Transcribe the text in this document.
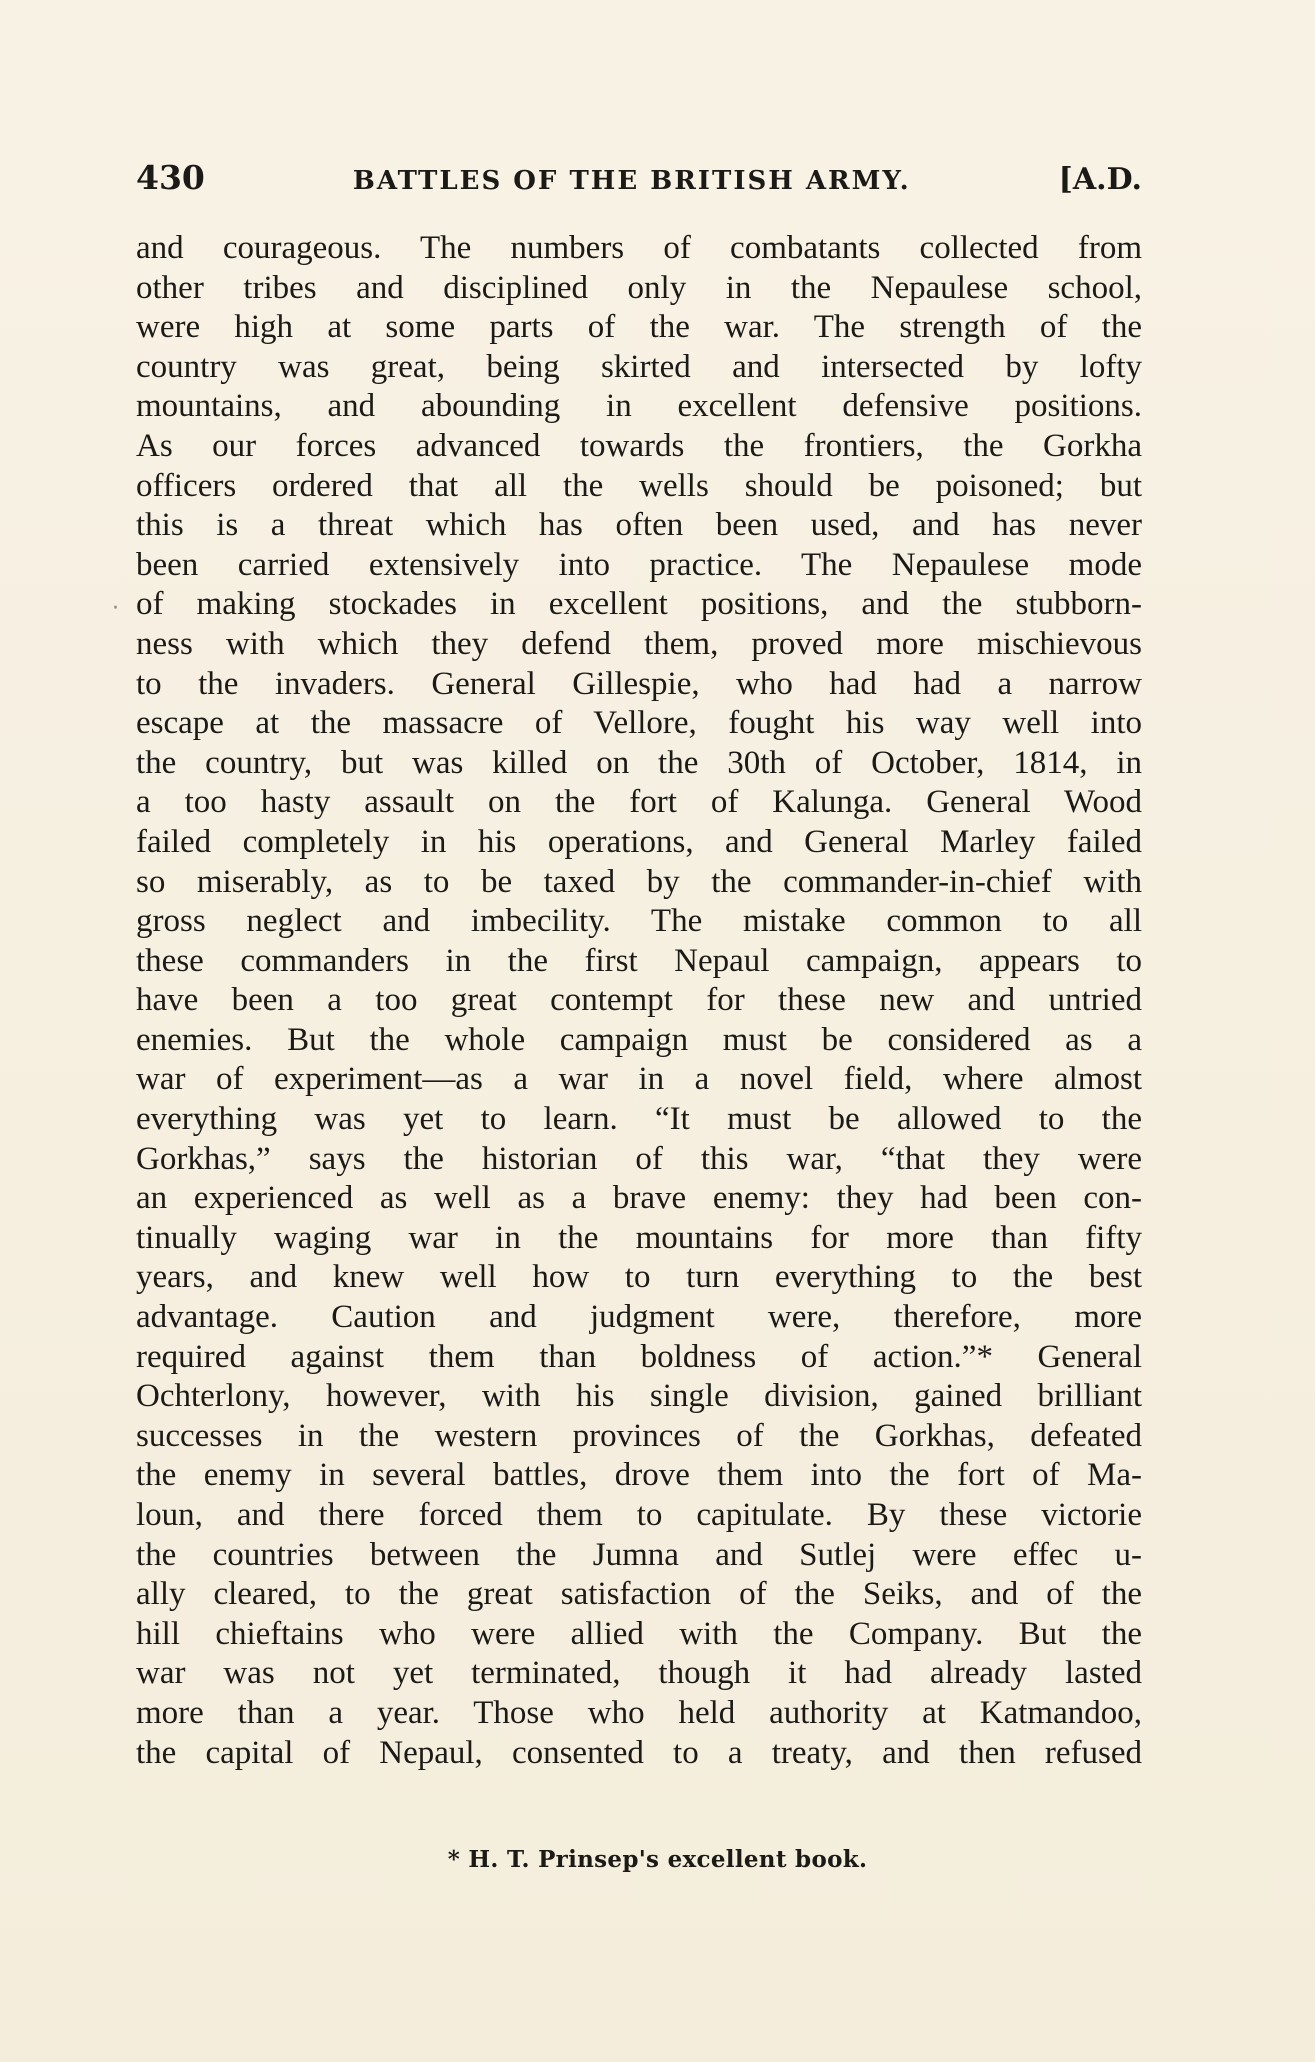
430	BATTLES OF THE BRITISH ARMY.	[A.D.
and courageous. The numbers of combatants collected from
other tribes and disciplined only in the Nepaulese school,
were high at some parts of the war. The strength of the
country was great, being skirted and intersected by lofty
mountains, and abounding in excellent defensive positions.
As our forces advanced towards the frontiers, the Gorkha
officers ordered that all the wells should be poisoned; but
this is a threat which has often been used, and has never
been carried extensively into practice. The Nepaulese mode
of making stockades in excellent positions, and the stubborn-
ness with which they defend them, proved more mischievous
to the invaders. General Gillespie, who had had a narrow
escape at the massacre of Vellore, fought his way well into
the country, but was killed on the 30th of October, 1814, in
a too hasty assault on the fort of Kalunga. General Wood
failed completely in his operations, and General Marley failed
so miserably, as to be taxed by the commander-in-chief with
gross neglect and imbecility. The mistake common to all
these commanders in the first Nepaul campaign, appears to
have been a too great contempt for these new and untried
enemies. But the whole campaign must be considered as a
war of experiment—as a war in a novel field, where almost
everything was yet to learn. “It must be allowed to the
Gorkhas,” says the historian of this war, “that they were
an experienced as well as a brave enemy: they had been con-
tinually waging war in the mountains for more than fifty
years, and knew well how to turn everything to the best
advantage. Caution and judgment were, therefore, more
required against them than boldness of action.”* General
Ochterlony, however, with his single division, gained brilliant
successes in the western provinces of the Gorkhas, defeated
the enemy in several battles, drove them into the fort of Ma-
loun, and there forced them to capitulate. By these victorie
the countries between the Jumna and Sutlej were effec u-
ally cleared, to the great satisfaction of the Seiks, and of the
hill chieftains who were allied with the Company. But the
war was not yet terminated, though it had already lasted
more than a year. Those who held authority at Katmandoo,
the capital of Nepaul, consented to a treaty, and then refused
·
* H. T. Prinsep's excellent book.
